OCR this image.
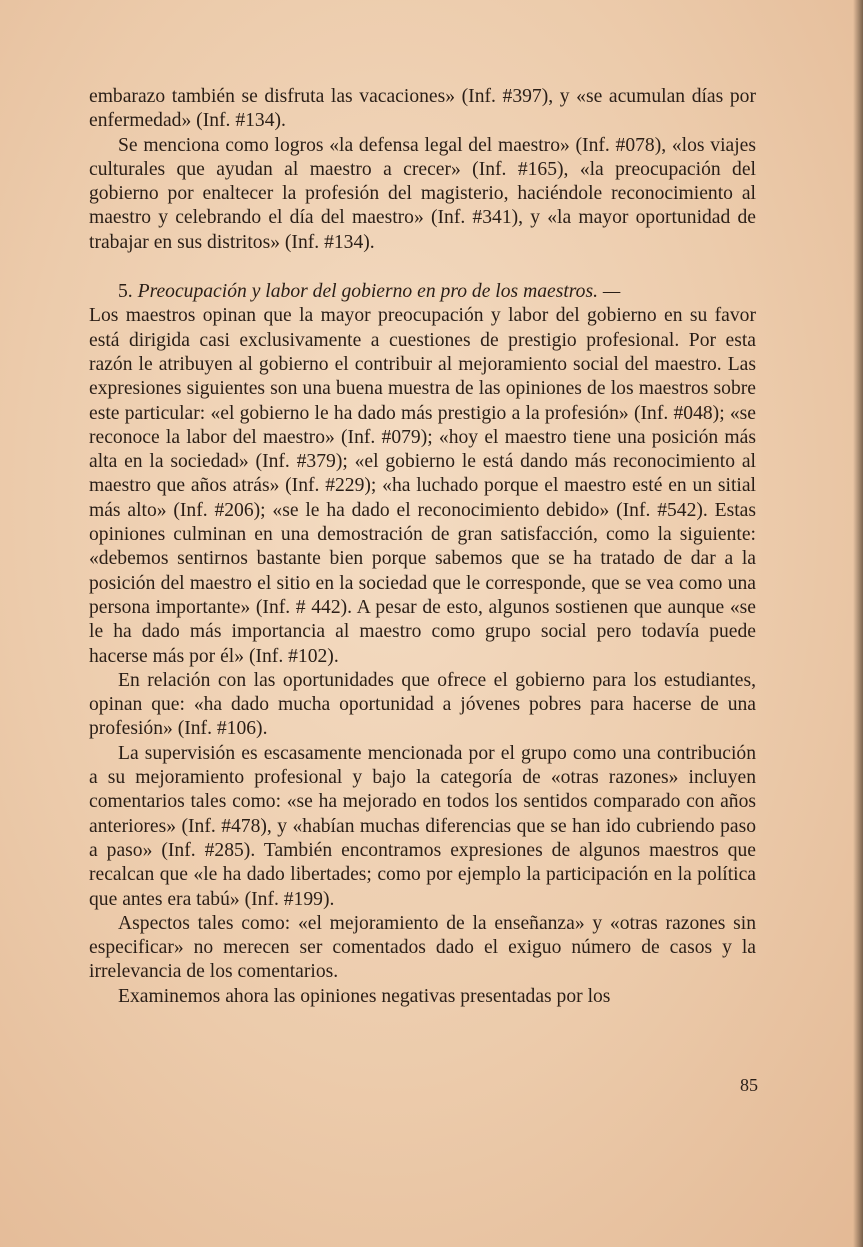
embarazo también se disfruta las vacaciones» (Inf. #397), y «se acumulan días por enfermedad» (Inf. #134).

Se menciona como logros «la defensa legal del maestro» (Inf. #078), «los viajes culturales que ayudan al maestro a crecer» (Inf. #165), «la preocupación del gobierno por enaltecer la profesión del magisterio, haciéndole reconocimiento al maestro y celebrando el día del maestro» (Inf. #341), y «la mayor oportunidad de trabajar en sus distritos» (Inf. #134).

5. Preocupación y labor del gobierno en pro de los maestros. —
Los maestros opinan que la mayor preocupación y labor del gobierno en su favor está dirigida casi exclusivamente a cuestiones de prestigio profesional. Por esta razón le atribuyen al gobierno el contribuir al mejoramiento social del maestro. Las expresiones siguientes son una buena muestra de las opiniones de los maestros sobre este particular: «el gobierno le ha dado más prestigio a la profesión» (Inf. #048); «se reconoce la labor del maestro» (Inf. #079); «hoy el maestro tiene una posición más alta en la sociedad» (Inf. #379); «el gobierno le está dando más reconocimiento al maestro que años atrás» (Inf. #229); «ha luchado porque el maestro esté en un sitial más alto» (Inf. #206); «se le ha dado el reconocimiento debido» (Inf. #542). Estas opiniones culminan en una demostración de gran satisfacción, como la siguiente: «debemos sentirnos bastante bien porque sabemos que se ha tratado de dar a la posición del maestro el sitio en la sociedad que le corresponde, que se vea como una persona importante» (Inf. # 442). A pesar de esto, algunos sostienen que aunque «se le ha dado más importancia al maestro como grupo social pero todavía puede hacerse más por él» (Inf. #102).

En relación con las oportunidades que ofrece el gobierno para los estudiantes, opinan que: «ha dado mucha oportunidad a jóvenes pobres para hacerse de una profesión» (Inf. #106).

La supervisión es escasamente mencionada por el grupo como una contribución a su mejoramiento profesional y bajo la categoría de «otras razones» incluyen comentarios tales como: «se ha mejorado en todos los sentidos comparado con años anteriores» (Inf. #478), y «habían muchas diferencias que se han ido cubriendo paso a paso» (Inf. #285). También encontramos expresiones de algunos maestros que recalcan que «le ha dado libertades; como por ejemplo la participación en la política que antes era tabú» (Inf. #199).

Aspectos tales como: «el mejoramiento de la enseñanza» y «otras razones sin especificar» no merecen ser comentados dado el exiguo número de casos y la irrelevancia de los comentarios.

Examinemos ahora las opiniones negativas presentadas por los

85
